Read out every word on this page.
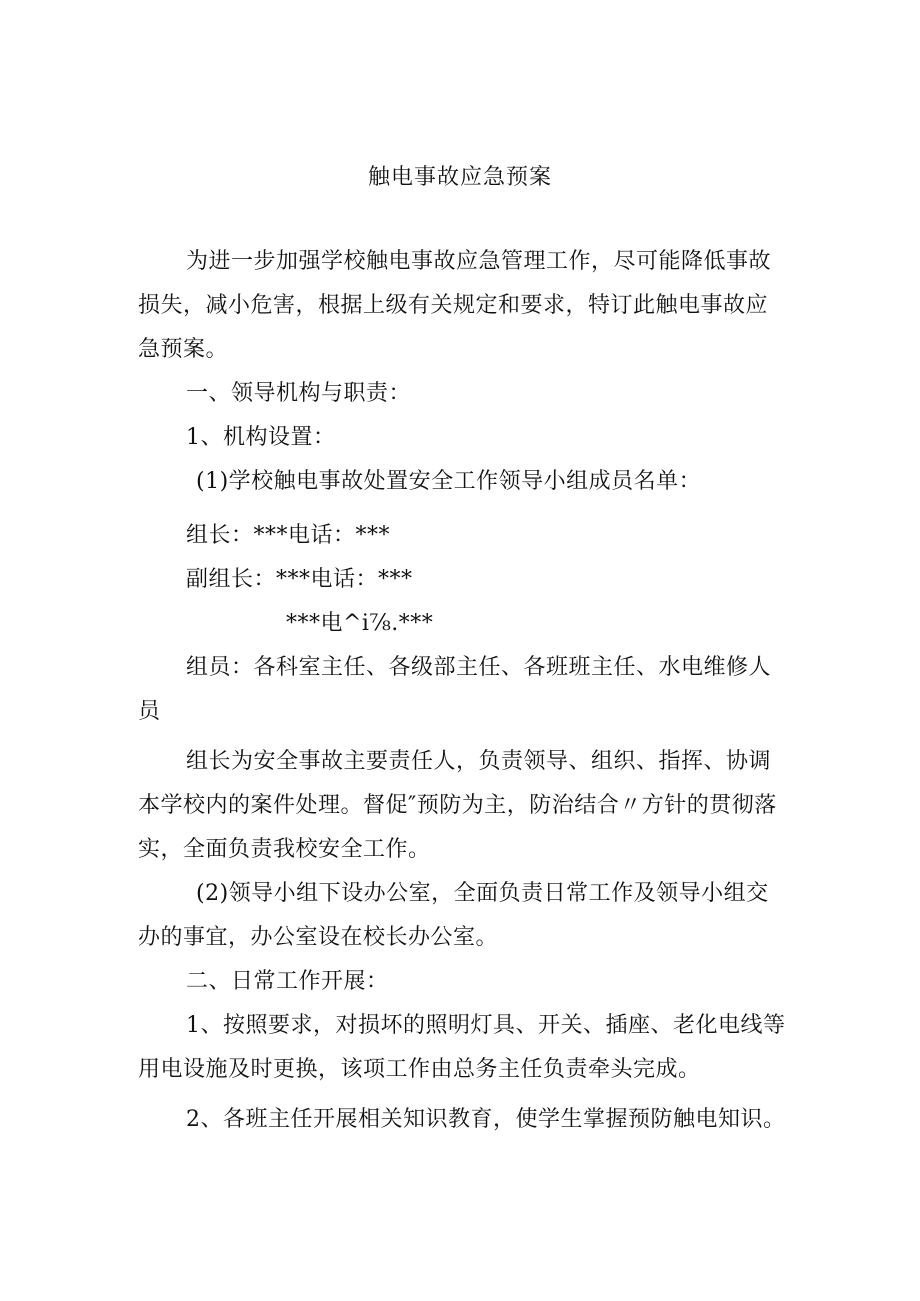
触电事故应急预案

为进一步加强学校触电事故应急管理工作，尽可能降低事故损失，减小危害，根据上级有关规定和要求，特订此触电事故应急预案。

一、领导机构与职责：

1、机构设置：

(1)学校触电事故处置安全工作领导小组成员名单：

组长：***电话：***

副组长：***电话：***

***电^i⅞.***

组员：各科室主任、各级部主任、各班班主任、水电维修人员

组长为安全事故主要责任人，负责领导、组织、指挥、协调本学校内的案件处理。督促″预防为主，防治结合〃方针的贯彻落实，全面负责我校安全工作。

(2)领导小组下设办公室，全面负责日常工作及领导小组交办的事宜，办公室设在校长办公室。

二、日常工作开展：

1、按照要求，对损坏的照明灯具、开关、插座、老化电线等用电设施及时更换，该项工作由总务主任负责牵头完成。

2、各班主任开展相关知识教育，使学生掌握预防触电知识。
